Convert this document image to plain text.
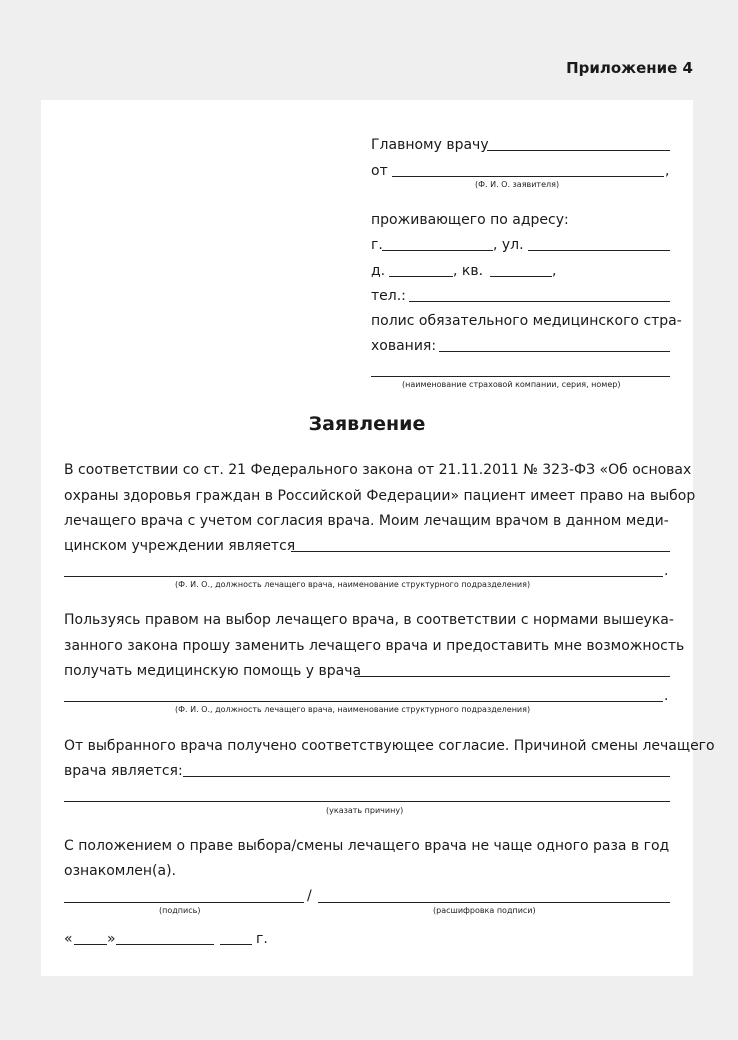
Приложение 4
Главному врачу
от	,
(Ф. И. О. заявителя)
проживающего по адресу:
г.	, ул.
д.	, кв.	,
тел.:
полис обязательного медицинского стра-
хования:
(наименование страховой компании, серия, номер)
Заявление
В соответствии со ст. 21 Федерального закона от 21.11.2011 № 323-ФЗ «Об основах
охраны здоровья граждан в Российской Федерации» пациент имеет право на выбор
лечащего врача с учетом согласия врача. Моим лечащим врачом в данном меди-
цинском учреждении является
.
(Ф. И. О., должность лечащего врача, наименование структурного подразделения)
Пользуясь правом на выбор лечащего врача, в соответствии с нормами вышеука-
занного закона прошу заменить лечащего врача и предоставить мне возможность
получать медицинскую помощь у врача
.
(Ф. И. О., должность лечащего врача, наименование структурного подразделения)
От выбранного врача получено соответствующее согласие. Причиной смены лечащего
врача является:
(указать причину)
С положением о праве выбора/смены лечащего врача не чаще одного раза в год
ознакомлен(а).
/
(подпись)	(расшифровка подписи)
« »	г.
